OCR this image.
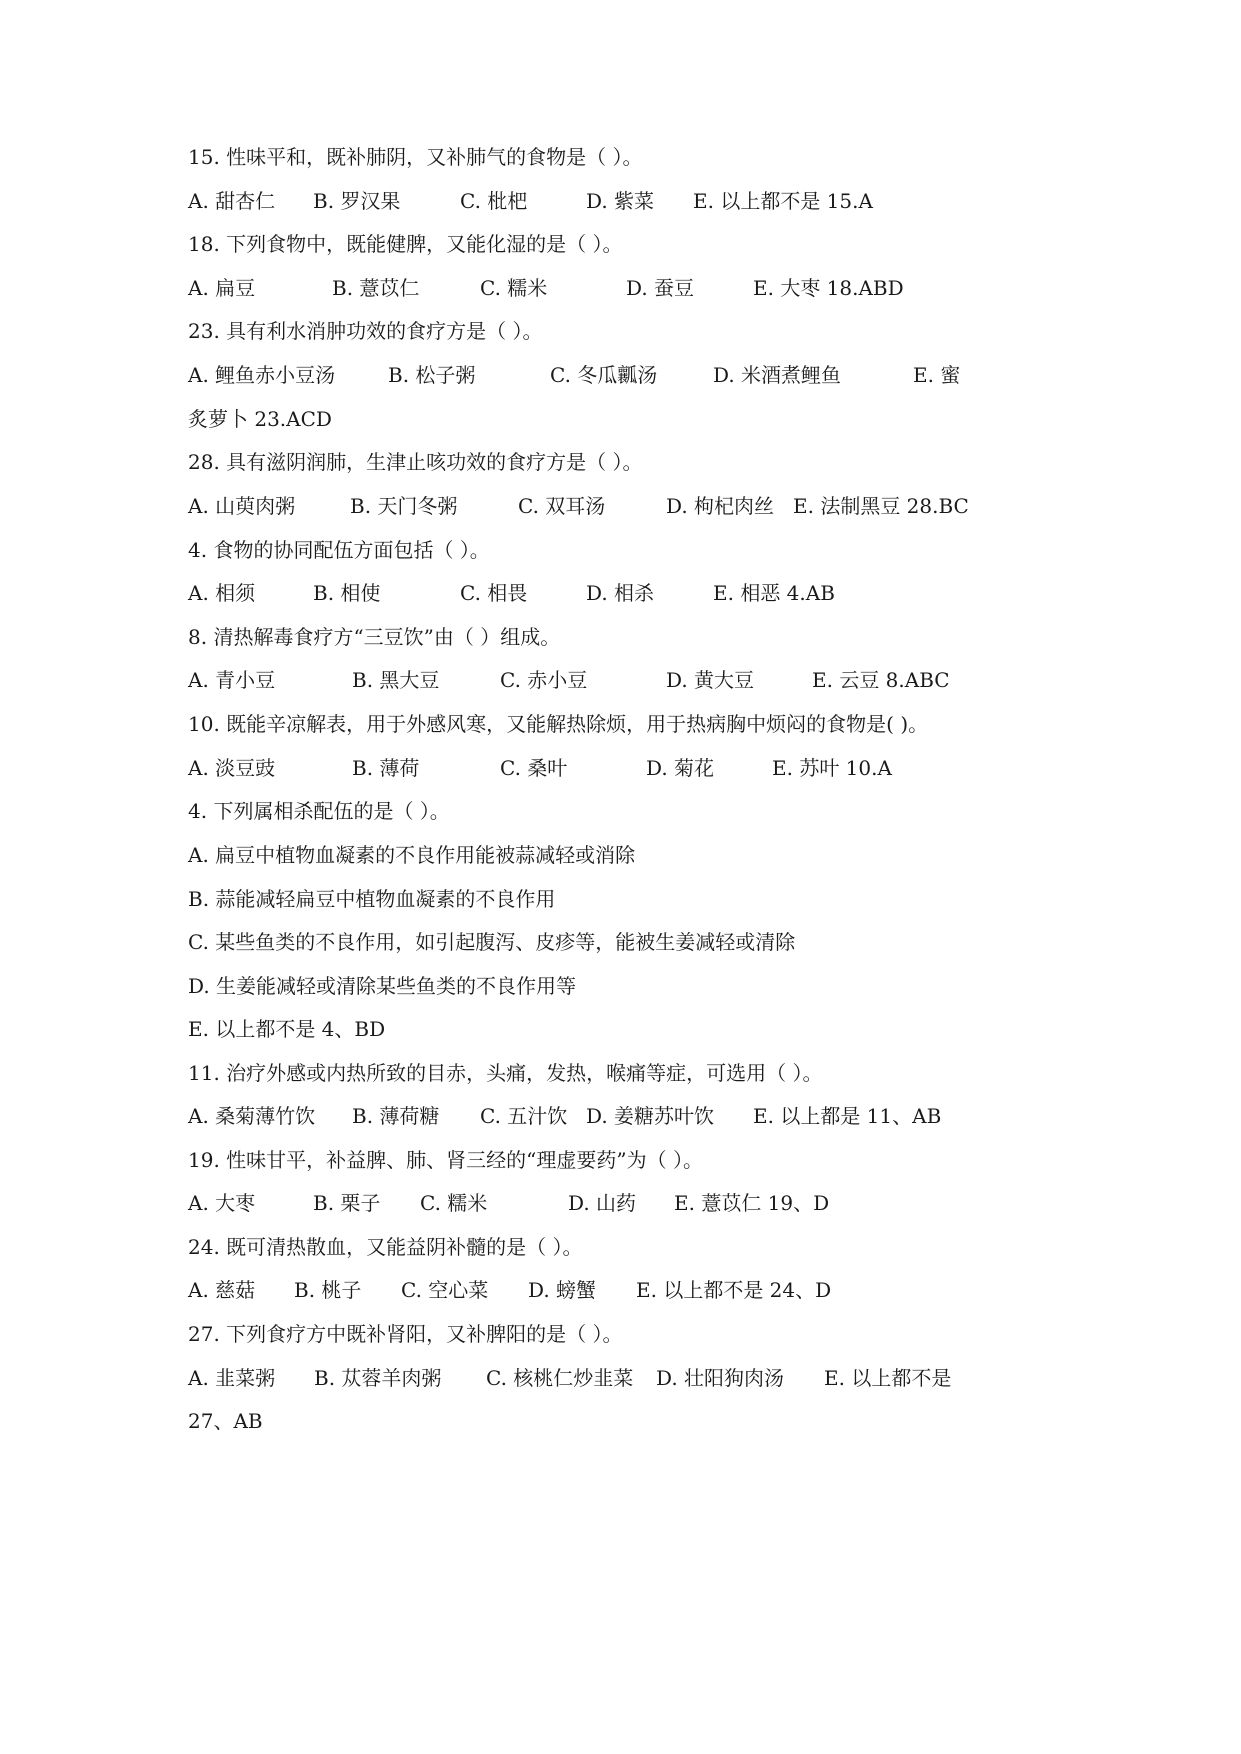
15. 性味平和，既补肺阴，又补肺气的食物是（ ）。
A. 甜杏仁 B. 罗汉果	C. 枇杷	D. 紫菜 E. 以上都不是 15.A
18. 下列食物中，既能健脾，又能化湿的是（ ）。
A. 扁豆	B. 薏苡仁	C. 糯米	D. 蚕豆	E. 大枣 18.ABD
23. 具有利水消肿功效的食疗方是（ ）。
A. 鲤鱼赤小豆汤	B. 松子粥	C. 冬瓜瓤汤	D. 米酒煮鲤鱼	E. 蜜
炙萝卜 23.ACD
28. 具有滋阴润肺，生津止咳功效的食疗方是（ ）。
A. 山萸肉粥	B. 天门冬粥	C. 双耳汤	D. 枸杞肉丝 E. 法制黑豆 28.BC
4. 食物的协同配伍方面包括（ ）。
A. 相须	B. 相使	C. 相畏	D. 相杀	E. 相恶 4.AB
8. 清热解毒食疗方“三豆饮”由（ ）组成。
A. 青小豆	B. 黑大豆	C. 赤小豆	D. 黄大豆	E. 云豆 8.ABC
10. 既能辛凉解表，用于外感风寒，又能解热除烦，用于热病胸中烦闷的食物是( )。
A. 淡豆豉	B. 薄荷	C. 桑叶	D. 菊花	E. 苏叶 10.A
4. 下列属相杀配伍的是（ ）。
A. 扁豆中植物血凝素的不良作用能被蒜减轻或消除
B. 蒜能减轻扁豆中植物血凝素的不良作用
C. 某些鱼类的不良作用，如引起腹泻、皮疹等，能被生姜减轻或清除
D. 生姜能减轻或清除某些鱼类的不良作用等
E. 以上都不是 4、BD
11. 治疗外感或内热所致的目赤，头痛，发热，喉痛等症，可选用（ ）。
A. 桑菊薄竹饮 B. 薄荷糖 C. 五汁饮 D. 姜糖苏叶饮 E. 以上都是 11、AB
19. 性味甘平，补益脾、肺、肾三经的“理虚要药”为（ ）。
A. 大枣	B. 栗子 C. 糯米	D. 山药 E. 薏苡仁 19、D
24. 既可清热散血，又能益阴补髓的是（ ）。
A. 慈菇 B. 桃子 C. 空心菜 D. 螃蟹 E. 以上都不是 24、D
27. 下列食疗方中既补肾阳，又补脾阳的是（ ）。
A. 韭菜粥 B. 苁蓉羊肉粥 C. 核桃仁炒韭菜 D. 壮阳狗肉汤 E. 以上都不是
27、AB
